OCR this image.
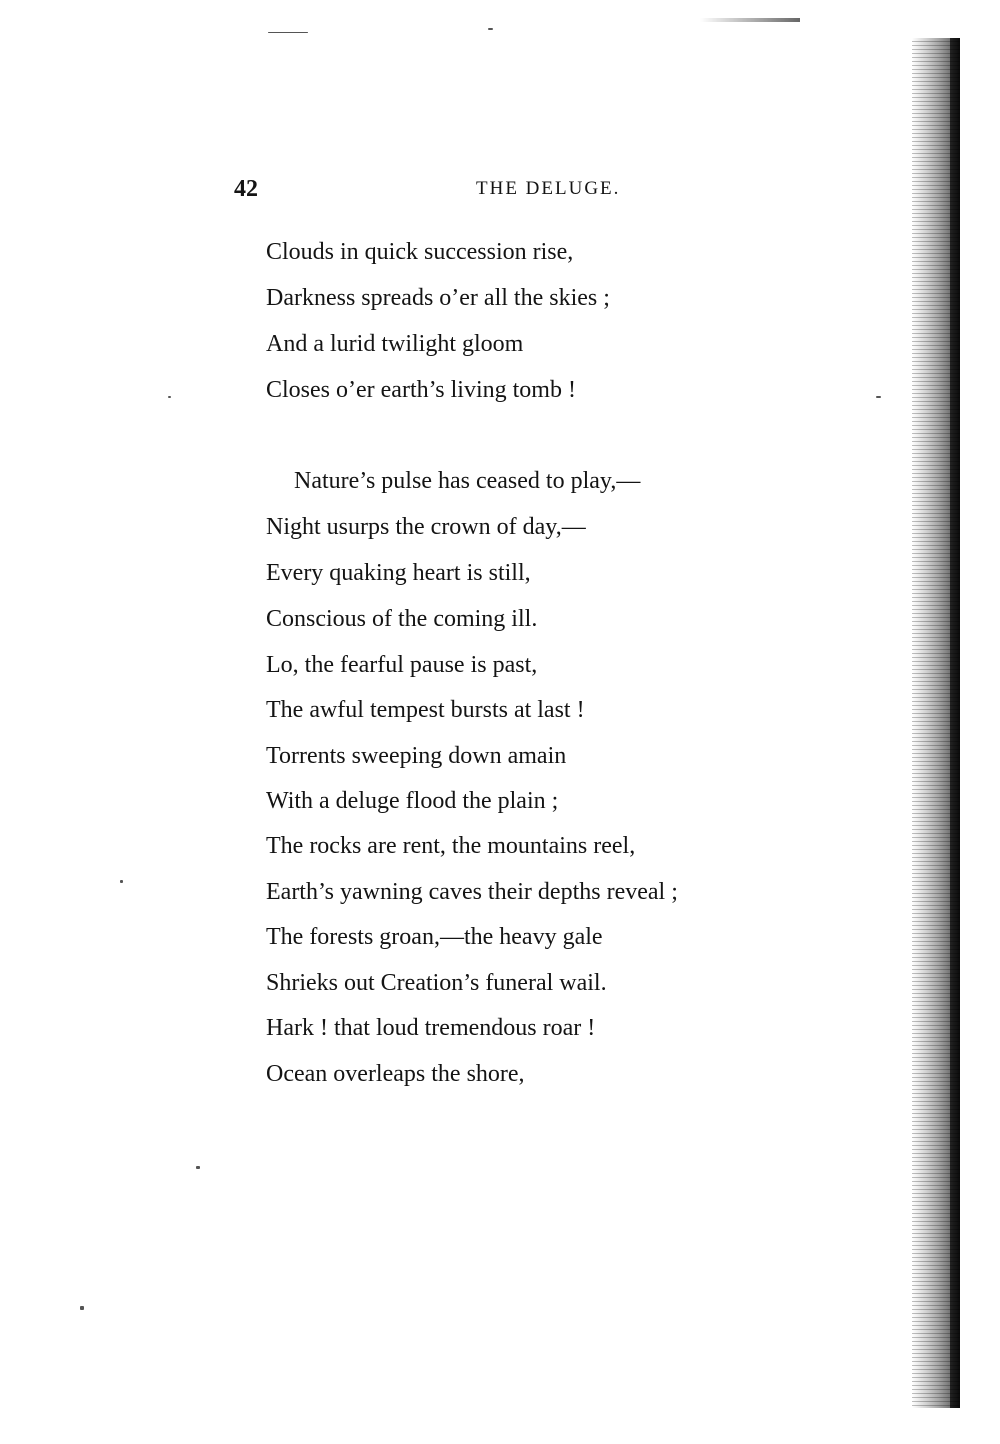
42	THE DELUGE.
Clouds in quick succession rise,
Darkness spreads o’er all the skies ;
And a lurid twilight gloom
Closes o’er earth’s living tomb !
Nature’s pulse has ceased to play,—
Night usurps the crown of day,—
Every quaking heart is still,
Conscious of the coming ill.
Lo, the fearful pause is past,
The awful tempest bursts at last !
Torrents sweeping down amain
With a deluge flood the plain ;
The rocks are rent, the mountains reel,
Earth’s yawning caves their depths reveal ;
The forests groan,—the heavy gale
Shrieks out Creation’s funeral wail.
Hark ! that loud tremendous roar !
Ocean overleaps the shore,
